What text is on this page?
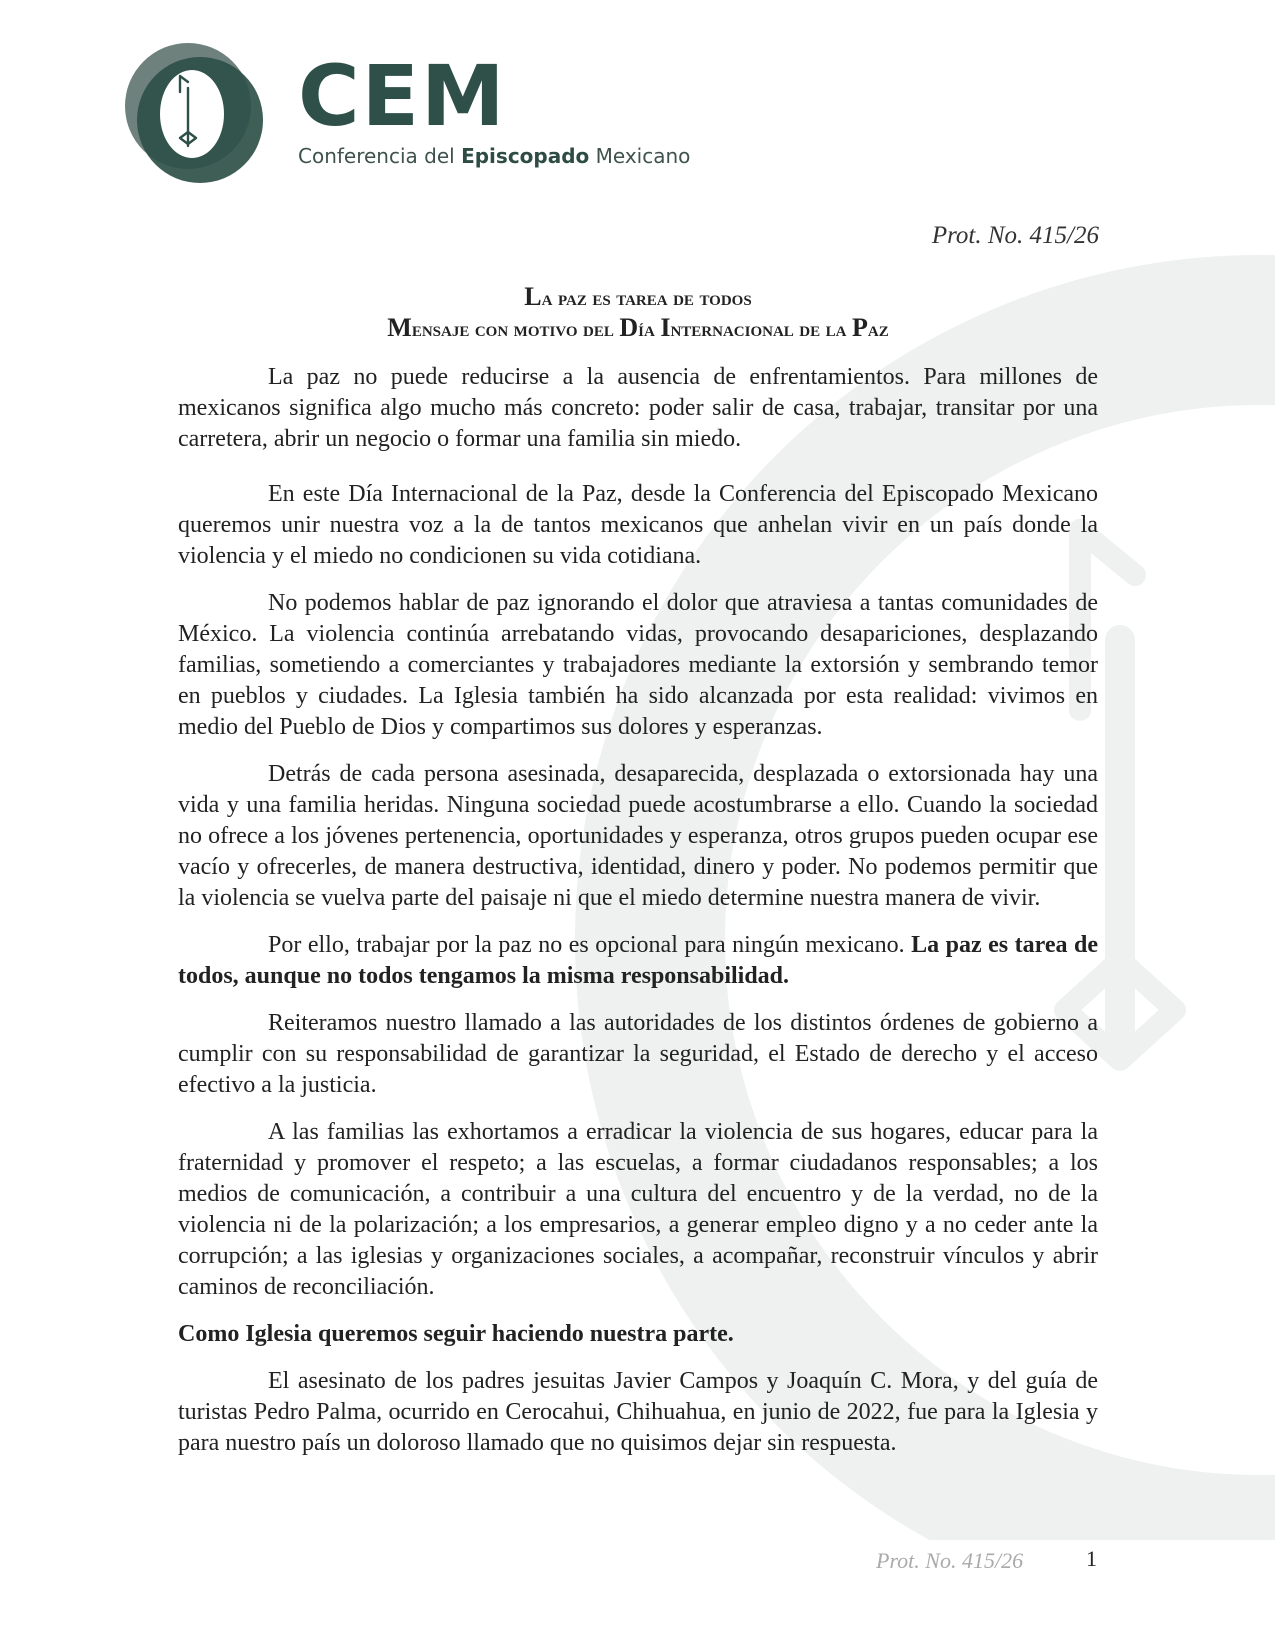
CEM
Conferencia del Episcopado Mexicano
Prot. No. 415/26
La paz es tarea de todos
Mensaje con motivo del Día Internacional de la Paz

La paz no puede reducirse a la ausencia de enfrentamientos. Para millones de mexicanos significa algo mucho más concreto: poder salir de casa, trabajar, transitar por una carretera, abrir un negocio o formar una familia sin miedo.

En este Día Internacional de la Paz, desde la Conferencia del Episcopado Mexicano queremos unir nuestra voz a la de tantos mexicanos que anhelan vivir en un país donde la violencia y el miedo no condicionen su vida cotidiana.

No podemos hablar de paz ignorando el dolor que atraviesa a tantas comunidades de México. La violencia continúa arrebatando vidas, provocando desapariciones, desplazando familias, sometiendo a comerciantes y trabajadores mediante la extorsión y sembrando temor en pueblos y ciudades. La Iglesia también ha sido alcanzada por esta realidad: vivimos en medio del Pueblo de Dios y compartimos sus dolores y esperanzas.

Detrás de cada persona asesinada, desaparecida, desplazada o extorsionada hay una vida y una familia heridas. Ninguna sociedad puede acostumbrarse a ello. Cuando la sociedad no ofrece a los jóvenes pertenencia, oportunidades y esperanza, otros grupos pueden ocupar ese vacío y ofrecerles, de manera destructiva, identidad, dinero y poder. No podemos permitir que la violencia se vuelva parte del paisaje ni que el miedo determine nuestra manera de vivir.

Por ello, trabajar por la paz no es opcional para ningún mexicano. La paz es tarea de todos, aunque no todos tengamos la misma responsabilidad.

Reiteramos nuestro llamado a las autoridades de los distintos órdenes de gobierno a cumplir con su responsabilidad de garantizar la seguridad, el Estado de derecho y el acceso efectivo a la justicia.

A las familias las exhortamos a erradicar la violencia de sus hogares, educar para la fraternidad y promover el respeto; a las escuelas, a formar ciudadanos responsables; a los medios de comunicación, a contribuir a una cultura del encuentro y de la verdad, no de la violencia ni de la polarización; a los empresarios, a generar empleo digno y a no ceder ante la corrupción; a las iglesias y organizaciones sociales, a acompañar, reconstruir vínculos y abrir caminos de reconciliación.

Como Iglesia queremos seguir haciendo nuestra parte.

El asesinato de los padres jesuitas Javier Campos y Joaquín C. Mora, y del guía de turistas Pedro Palma, ocurrido en Cerocahui, Chihuahua, en junio de 2022, fue para la Iglesia y para nuestro país un doloroso llamado que no quisimos dejar sin respuesta.

Prot. No. 415/26	1
